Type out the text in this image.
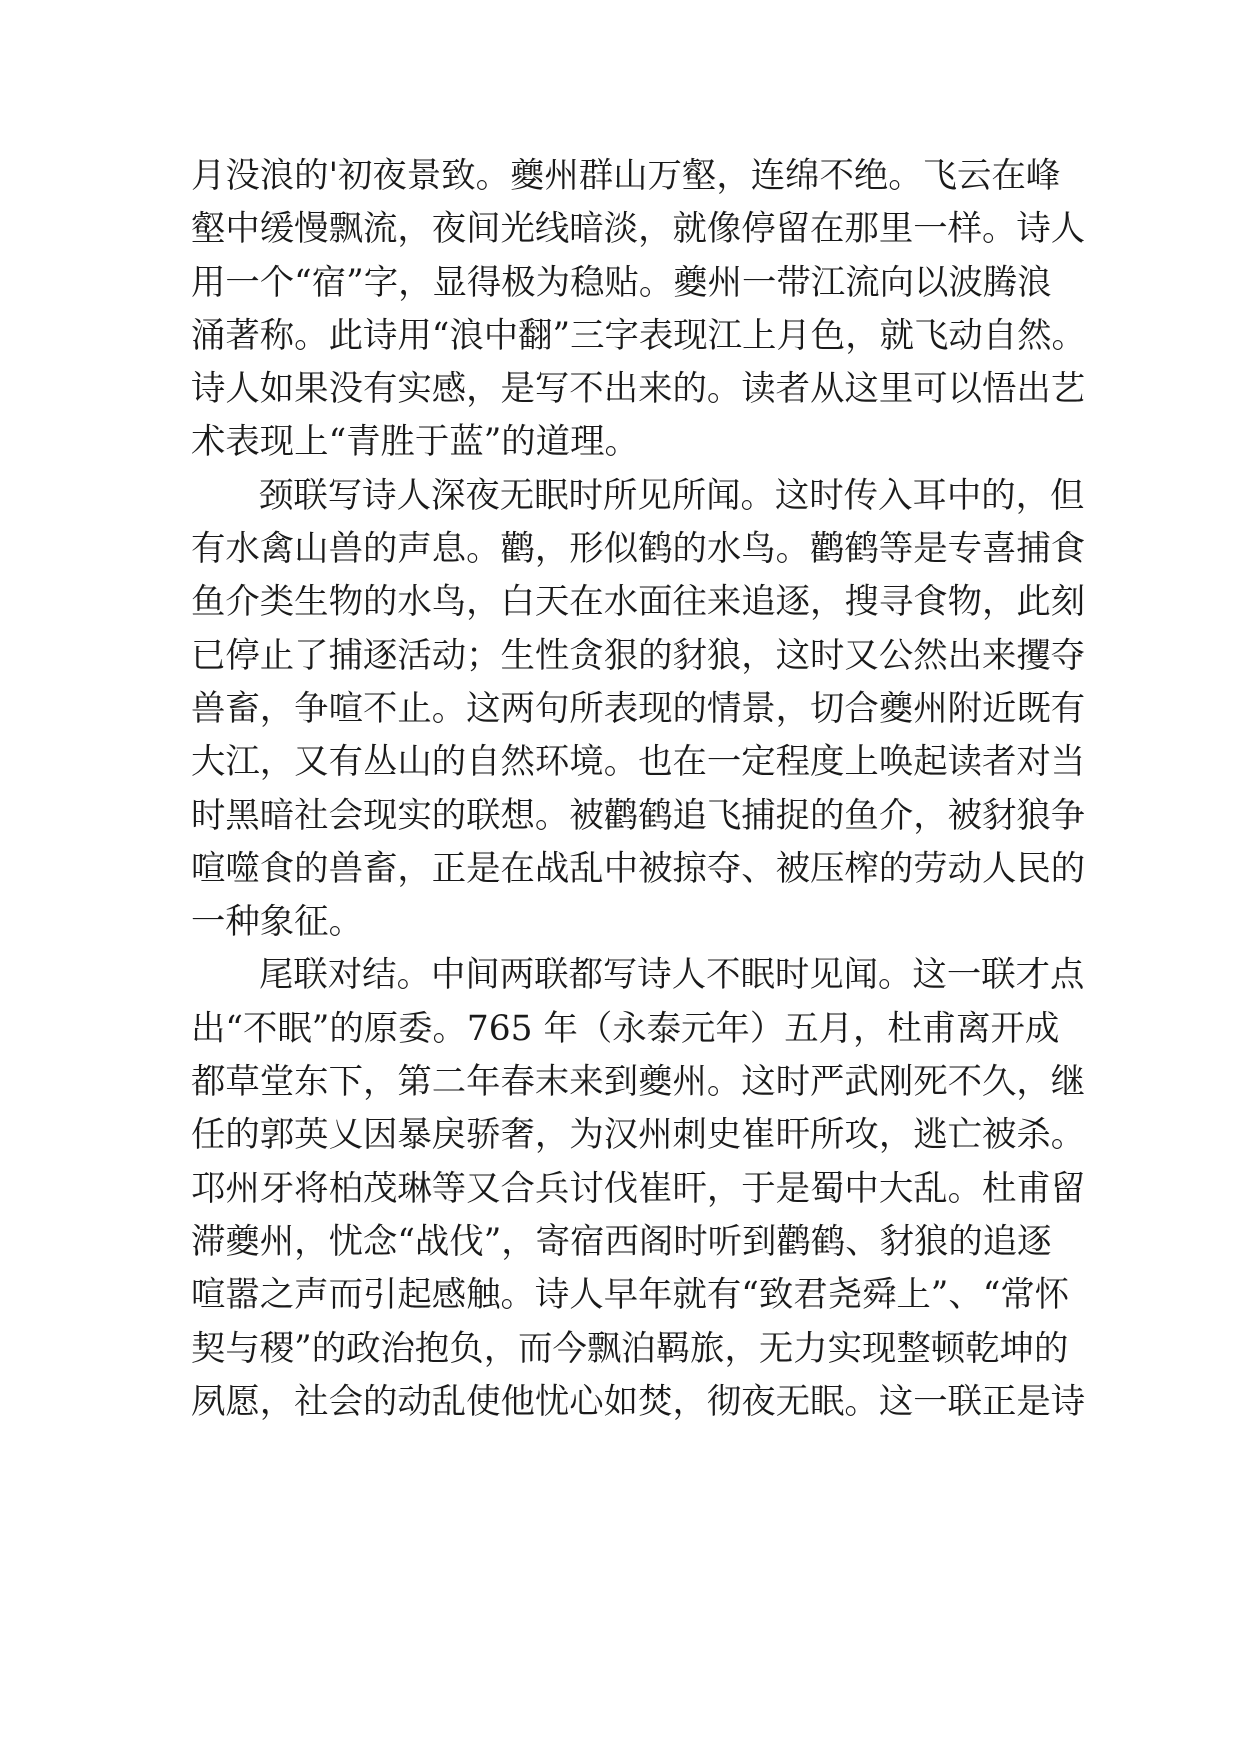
月没浪的'初夜景致。夔州群山万壑，连绵不绝。飞云在峰
壑中缓慢飘流，夜间光线暗淡，就像停留在那里一样。诗人
用一个“宿”字，显得极为稳贴。夔州一带江流向以波腾浪
涌著称。此诗用“浪中翻”三字表现江上月色，就飞动自然。
诗人如果没有实感，是写不出来的。读者从这里可以悟出艺
术表现上“青胜于蓝”的道理。
颈联写诗人深夜无眠时所见所闻。这时传入耳中的，但
有水禽山兽的声息。鹳，形似鹤的水鸟。鹳鹤等是专喜捕食
鱼介类生物的水鸟，白天在水面往来追逐，搜寻食物，此刻
已停止了捕逐活动；生性贪狠的豺狼，这时又公然出来攫夺
兽畜，争喧不止。这两句所表现的情景，切合夔州附近既有
大江，又有丛山的自然环境。也在一定程度上唤起读者对当
时黑暗社会现实的联想。被鹳鹤追飞捕捉的鱼介，被豺狼争
喧噬食的兽畜，正是在战乱中被掠夺、被压榨的劳动人民的
一种象征。
尾联对结。中间两联都写诗人不眠时见闻。这一联才点
出“不眠”的原委。765 年（永泰元年）五月，杜甫离开成
都草堂东下，第二年春末来到夔州。这时严武刚死不久，继
任的郭英乂因暴戾骄奢，为汉州刺史崔旰所攻，逃亡被杀。
邛州牙将柏茂琳等又合兵讨伐崔旰，于是蜀中大乱。杜甫留
滞夔州，忧念“战伐”，寄宿西阁时听到鹳鹤、豺狼的追逐
喧嚣之声而引起感触。诗人早年就有“致君尧舜上”、“常怀
契与稷”的政治抱负，而今飘泊羁旅，无力实现整顿乾坤的
夙愿，社会的动乱使他忧心如焚，彻夜无眠。这一联正是诗
